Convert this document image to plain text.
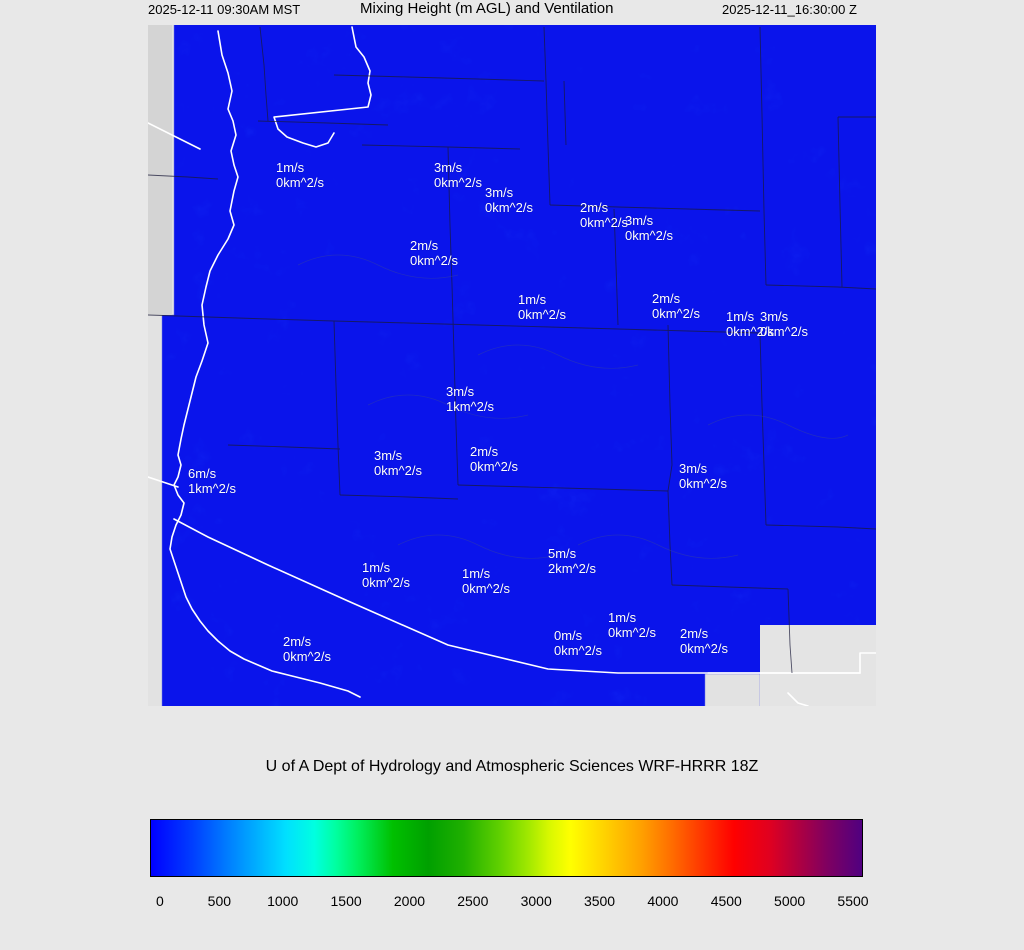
2025-12-11 09:30AM MST	Mixing Height (m AGL) and Ventilation	2025-12-11_16:30:00 Z
1m/s
0km^2/s
3m/s
0km^2/s
3m/s
0km^2/s	2m/s
0km^2/s
3m/s
0km^2/s
2m/s
0km^2/s
1m/s
0km^2/s
2m/s
0km^2/s 1m/s
0km^2/s
3m/s
0km^2/s
3m/s
1km^2/s
3m/s
0km^2/s
2m/s
0km^2/s	3m/s
0km^2/s
6m/s
1km^2/s
1m/s
0km^2/s
1m/s
0km^2/s
5m/s
2km^2/s
1m/s
0km^2/s
0m/s
0km^2/s
2m/s
0km^2/s
2m/s
0km^2/s
U of A Dept of Hydrology and Atmospheric Sciences WRF-HRRR 18Z
0	500	1000 1500 2000 2500 3000 3500 4000 4500 5000 5500
